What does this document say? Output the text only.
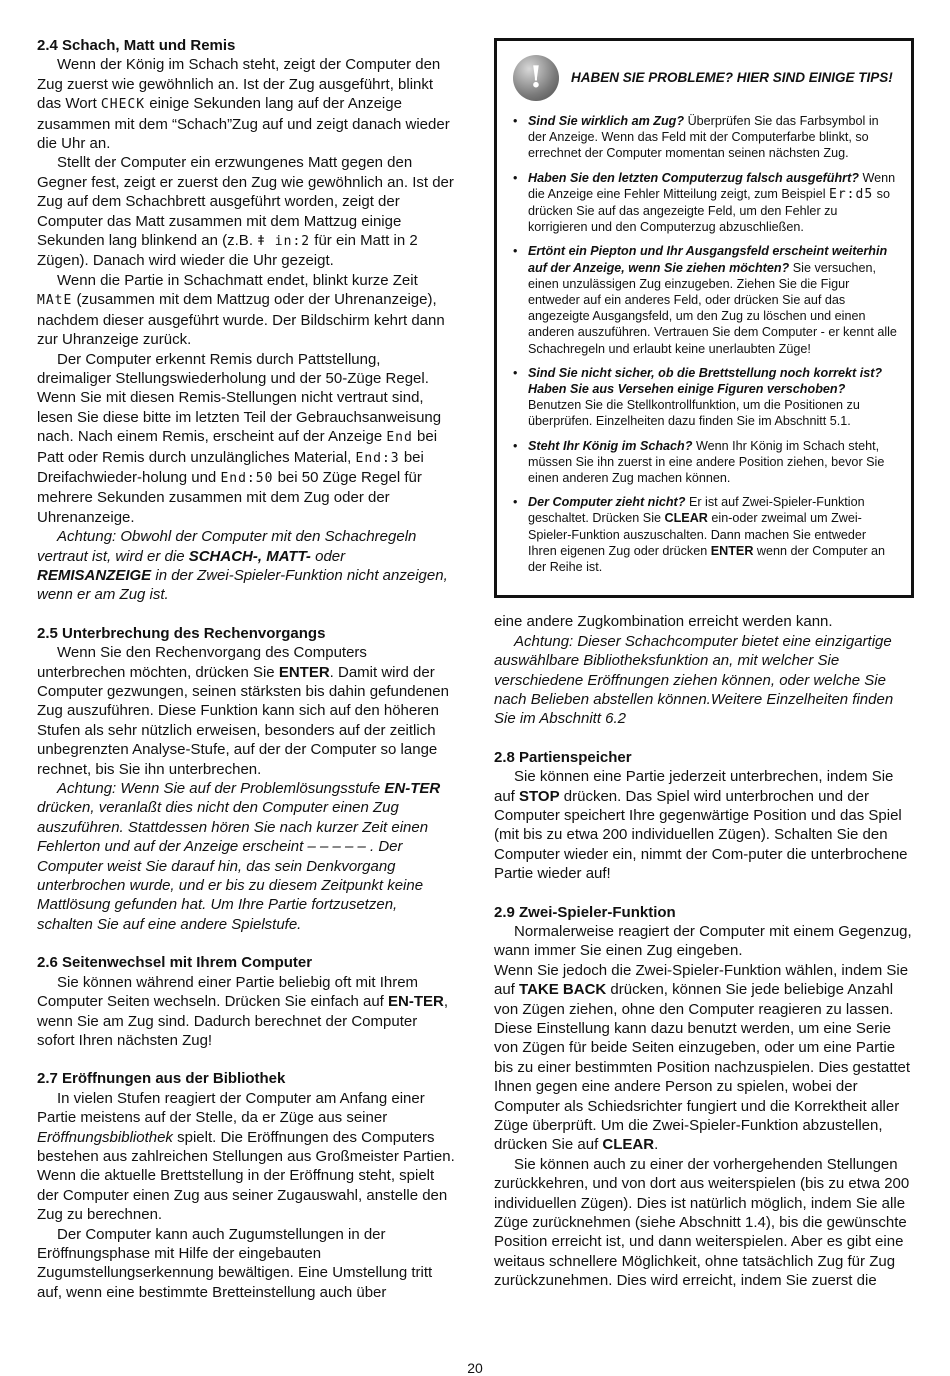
2.4 Schach, Matt und Remis

Wenn der König im Schach steht, zeigt der Computer den Zug zuerst wie gewöhnlich an. Ist der Zug ausgeführt, blinkt das Wort CHECK einige Sekunden lang auf der Anzeige zusammen mit dem “Schach”Zug auf und zeigt danach wieder die Uhr an.

Stellt der Computer ein erzwungenes Matt gegen den Gegner fest, zeigt er zuerst den Zug wie gewöhnlich an. Ist der Zug auf dem Schachbrett ausgeführt worden, zeigt der Computer das Matt zusammen mit dem Mattzug einige Sekunden lang blinkend an (z.B. ǂ in:2 für ein Matt in 2 Zügen). Danach wird wieder die Uhr gezeigt.

Wenn die Partie in Schachmatt endet, blinkt kurze Zeit MAtE (zusammen mit dem Mattzug oder der Uhrenanzeige), nachdem dieser ausgeführt wurde. Der Bildschirm kehrt dann zur Uhranzeige zurück.

Der Computer erkennt Remis durch Pattstellung, dreimaliger Stellungswiederholung und der 50-Züge Regel. Wenn Sie mit diesen Remis-Stellungen nicht vertraut sind, lesen Sie diese bitte im letzten Teil der Gebrauchsanweisung nach. Nach einem Remis, erscheint auf der Anzeige End bei Patt oder Remis durch unzulängliches Material, End:3 bei Dreifachwieder-holung und End:50 bei 50 Züge Regel für mehrere Sekunden zusammen mit dem Zug oder der Uhrenanzeige.

Achtung: Obwohl der Computer mit den Schachregeln vertraut ist, wird er die SCHACH-, MATT- oder REMISANZEIGE in der Zwei-Spieler-Funktion nicht anzeigen, wenn er am Zug ist.

2.5 Unterbrechung des Rechenvorgangs

Wenn Sie den Rechenvorgang des Computers unterbrechen möchten, drücken Sie ENTER. Damit wird der Computer gezwungen, seinen stärksten bis dahin gefundenen Zug auszuführen. Diese Funktion kann sich auf den höheren Stufen als sehr nützlich erweisen, besonders auf der zeitlich unbegrenzten Analyse-Stufe, auf der der Computer so lange rechnet, bis Sie ihn unterbrechen.

Achtung: Wenn Sie auf der Problemlösungsstufe EN-TER drücken, veranlaßt dies nicht den Computer einen Zug auszuführen. Stattdessen hören Sie nach kurzer Zeit einen Fehlerton und auf der Anzeige erscheint – – – – – . Der Computer weist Sie darauf hin, das sein Denkvorgang unterbrochen wurde, und er bis zu diesem Zeitpunkt keine Mattlösung gefunden hat. Um Ihre Partie fortzusetzen, schalten Sie auf eine andere Spielstufe.

2.6 Seitenwechsel mit Ihrem Computer

Sie können während einer Partie beliebig oft mit Ihrem Computer Seiten wechseln. Drücken Sie einfach auf EN-TER, wenn Sie am Zug sind. Dadurch berechnet der Computer sofort Ihren nächsten Zug!

2.7 Eröffnungen aus der Bibliothek

In vielen Stufen reagiert der Computer am Anfang einer Partie meistens auf der Stelle, da er Züge aus seiner Eröffnungsbibliothek spielt. Die Eröffnungen des Computers bestehen aus zahlreichen Stellungen aus Großmeister Partien. Wenn die aktuelle Brettstellung in der Eröffnung steht, spielt der Computer einen Zug aus seiner Zugauswahl, anstelle den Zug zu berechnen.

Der Computer kann auch Zugumstellungen in der Eröffnungsphase mit Hilfe der eingebauten Zugumstellungserkennung bewältigen. Eine Umstellung tritt auf, wenn eine bestimmte Bretteinstellung auch über

! HABEN SIE PROBLEME? HIER SIND EINIGE TIPS!
• Sind Sie wirklich am Zug? Überprüfen Sie das Farbsymbol in der Anzeige. Wenn das Feld mit der Computerfarbe blinkt, so errechnet der Computer momentan seinen nächsten Zug.
• Haben Sie den letzten Computerzug falsch ausgeführt? Wenn die Anzeige eine Fehler Mitteilung zeigt, zum Beispiel Er:d5 so drücken Sie auf das angezeigte Feld, um den Fehler zu korrigieren und den Computerzug abzuschließen.
• Ertönt ein Piepton und Ihr Ausgangsfeld erscheint weiterhin auf der Anzeige, wenn Sie ziehen möchten? Sie versuchen, einen unzulässigen Zug einzugeben. Ziehen Sie die Figur entweder auf ein anderes Feld, oder drücken Sie auf das angezeigte Ausgangsfeld, um den Zug zu löschen und einen anderen auszuführen. Vertrauen Sie dem Computer - er kennt alle Schachregeln und erlaubt keine unerlaubten Züge!
• Sind Sie nicht sicher, ob die Brettstellung noch korrekt ist? Haben Sie aus Versehen einige Figuren verschoben? Benutzen Sie die Stellkontrollfunktion, um die Positionen zu überprüfen. Einzelheiten dazu finden Sie im Abschnitt 5.1.
• Steht Ihr König im Schach? Wenn Ihr König im Schach steht, müssen Sie ihn zuerst in eine andere Position ziehen, bevor Sie einen anderen Zug machen können.
• Der Computer zieht nicht? Er ist auf Zwei-Spieler-Funktion geschaltet. Drücken Sie CLEAR ein-oder zweimal um Zwei-Spieler-Funktion auszuschalten. Dann machen Sie entweder Ihren eigenen Zug oder drücken ENTER wenn der Computer an der Reihe ist.

eine andere Zugkombination erreicht werden kann.

Achtung: Dieser Schachcomputer bietet eine einzigartige auswählbare Bibliotheksfunktion an, mit welcher Sie verschiedene Eröffnungen ziehen können, oder welche Sie nach Belieben abstellen können.Weitere Einzelheiten finden Sie im Abschnitt 6.2

2.8 Partienspeicher

Sie können eine Partie jederzeit unterbrechen, indem Sie auf STOP drücken. Das Spiel wird unterbrochen und der Computer speichert Ihre gegenwärtige Position und das Spiel (mit bis zu etwa 200 individuellen Zügen). Schalten Sie den Computer wieder ein, nimmt der Com-puter die unterbrochene Partie wieder auf!

2.9 Zwei-Spieler-Funktion

Normalerweise reagiert der Computer mit einem Gegenzug, wann immer Sie einen Zug eingeben.

Wenn Sie jedoch die Zwei-Spieler-Funktion wählen, indem Sie auf TAKE BACK drücken, können Sie jede beliebige Anzahl von Zügen ziehen, ohne den Computer reagieren zu lassen. Diese Einstellung kann dazu benutzt werden, um eine Serie von Zügen für beide Seiten einzugeben, oder um eine Partie bis zu einer bestimmten Position nachzuspielen. Dies gestattet Ihnen gegen eine andere Person zu spielen, wobei der Computer als Schiedsrichter fungiert und die Korrektheit aller Züge überprüft. Um die Zwei-Spieler-Funktion abzustellen, drücken Sie auf CLEAR.

Sie können auch zu einer der vorhergehenden Stellungen zurückkehren, und von dort aus weiterspielen (bis zu etwa 200 individuellen Zügen). Dies ist natürlich möglich, indem Sie alle Züge zurücknehmen (siehe Abschnitt 1.4), bis die gewünschte Position erreicht ist, und dann weiterspielen. Aber es gibt eine weitaus schnellere Möglichkeit, ohne tatsächlich Zug für Zug zurückzunehmen. Dies wird erreicht, indem Sie zuerst die

20
